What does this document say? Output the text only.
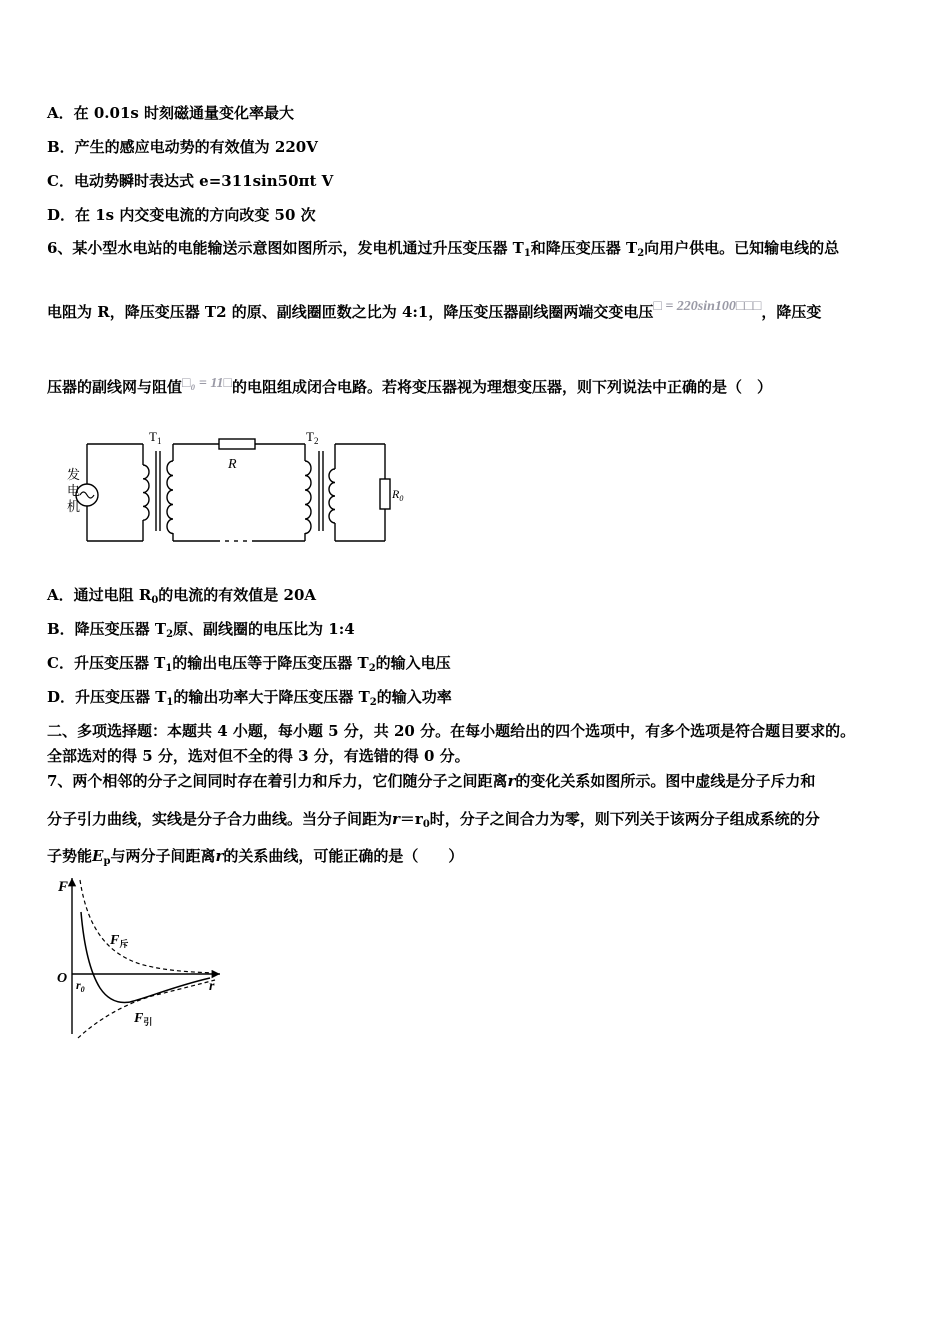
A．在 0.01s 时刻磁通量变化率最大
B．产生的感应电动势的有效值为 220V
C．电动势瞬时表达式 e=311sin50πt V
D．在 1s 内交变电流的方向改变 50 次
6、某小型水电站的电能输送示意图如图所示，发电机通过升压变压器 $T_1$和降压变压器 $T_2$向用户供电。已知输电线的总
电阻为 R，降压变压器 T2 的原、副线圈匝数之比为 4:1，降压变压器副线圈两端交变电压□ = 220sin100□□□，降压变
压器的副线网与阻值□₀ = 11□的电阻组成闭合电路。若将变压器视为理想变压器，则下列说法中正确的是（　）
发
电
机
$T_1$	$T_2$
R
$R_0$
A．通过电阻 $R_0$的电流的有效值是 20A
B．降压变压器 $T_2$原、副线圈的电压比为 1:4
C．升压变压器 $T_1$的输出电压等于降压变压器 $T_2$的输入电压
D．升压变压器 $T_1$的输出功率大于降压变压器 $T_2$的输入功率
二、多项选择题：本题共 4 小题，每小题 5 分，共 20 分。在每小题给出的四个选项中，有多个选项是符合题目要求的。
全部选对的得 5 分，选对但不全的得 3 分，有选错的得 0 分。
7、两个相邻的分子之间同时存在着引力和斥力，它们随分子之间距离r的变化关系如图所示。图中虚线是分子斥力和
分子引力曲线，实线是分子合力曲线。当分子间距为$r=r_0$时，分子之间合力为零，则下列关于该两分子组成系统的分
子势能$E_p$与两分子间距离r的关系曲线，可能正确的是（　　）
F
O
r
$r_0$
$F_斥$
$F_引$
